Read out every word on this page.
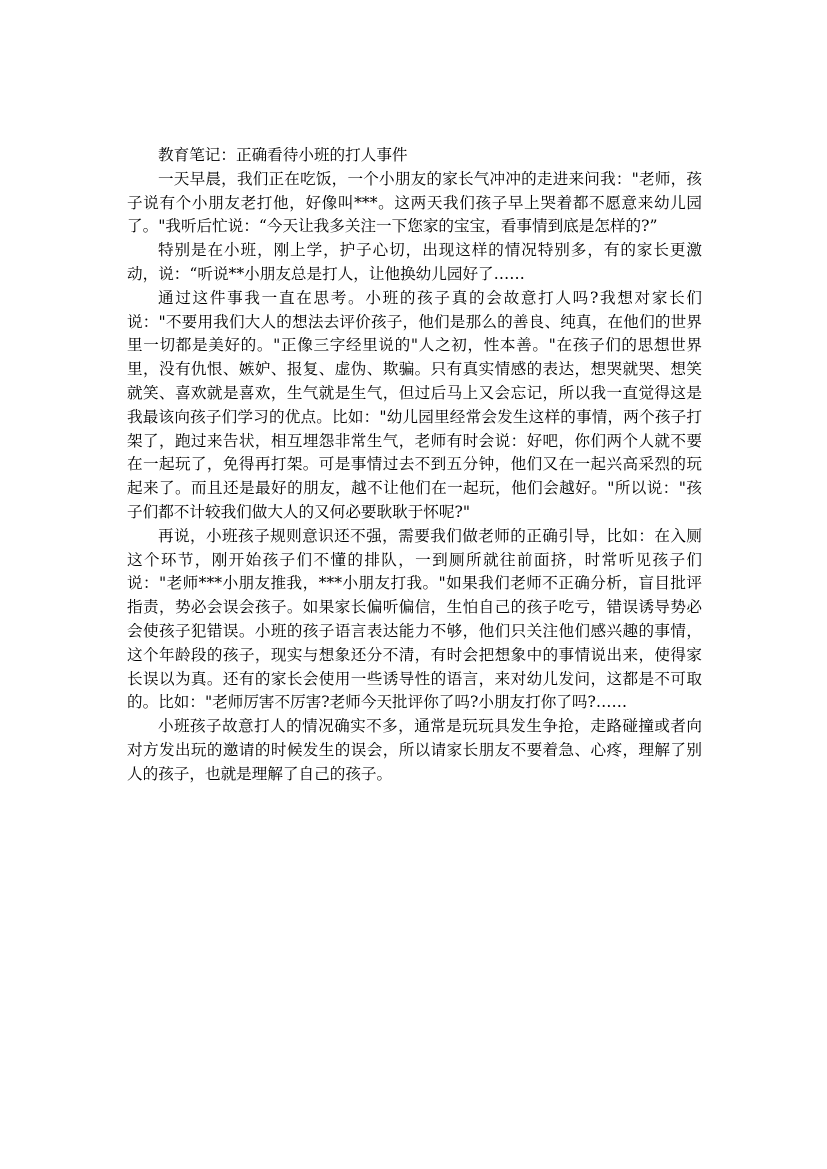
教育笔记：正确看待小班的打人事件

一天早晨，我们正在吃饭，一个小朋友的家长气冲冲的走进来问我："老师，孩子说有个小朋友老打他，好像叫***。这两天我们孩子早上哭着都不愿意来幼儿园了。"我听后忙说：“今天让我多关注一下您家的宝宝，看事情到底是怎样的?”

特别是在小班，刚上学，护子心切，出现这样的情况特别多，有的家长更激动，说：“听说**小朋友总是打人，让他换幼儿园好了……

通过这件事我一直在思考。小班的孩子真的会故意打人吗?我想对家长们说："不要用我们大人的想法去评价孩子，他们是那么的善良、纯真，在他们的世界里一切都是美好的。"正像三字经里说的"人之初，性本善。"在孩子们的思想世界里，没有仇恨、嫉妒、报复、虚伪、欺骗。只有真实情感的表达，想哭就哭、想笑就笑、喜欢就是喜欢，生气就是生气，但过后马上又会忘记，所以我一直觉得这是我最该向孩子们学习的优点。比如："幼儿园里经常会发生这样的事情，两个孩子打架了，跑过来告状，相互埋怨非常生气，老师有时会说：好吧，你们两个人就不要在一起玩了，免得再打架。可是事情过去不到五分钟，他们又在一起兴高采烈的玩起来了。而且还是最好的朋友，越不让他们在一起玩，他们会越好。"所以说："孩子们都不计较我们做大人的又何必要耿耿于怀呢?"

再说，小班孩子规则意识还不强，需要我们做老师的正确引导，比如：在入厕这个环节，刚开始孩子们不懂的排队，一到厕所就往前面挤，时常听见孩子们说："老师***小朋友推我，***小朋友打我。"如果我们老师不正确分析，盲目批评指责，势必会误会孩子。如果家长偏听偏信，生怕自己的孩子吃亏，错误诱导势必会使孩子犯错误。小班的孩子语言表达能力不够，他们只关注他们感兴趣的事情，这个年龄段的孩子，现实与想象还分不清，有时会把想象中的事情说出来，使得家长误以为真。还有的家长会使用一些诱导性的语言，来对幼儿发问，这都是不可取的。比如："老师厉害不厉害?老师今天批评你了吗?小朋友打你了吗?……

小班孩子故意打人的情况确实不多，通常是玩玩具发生争抢，走路碰撞或者向对方发出玩的邀请的时候发生的误会，所以请家长朋友不要着急、心疼，理解了别人的孩子，也就是理解了自己的孩子。
